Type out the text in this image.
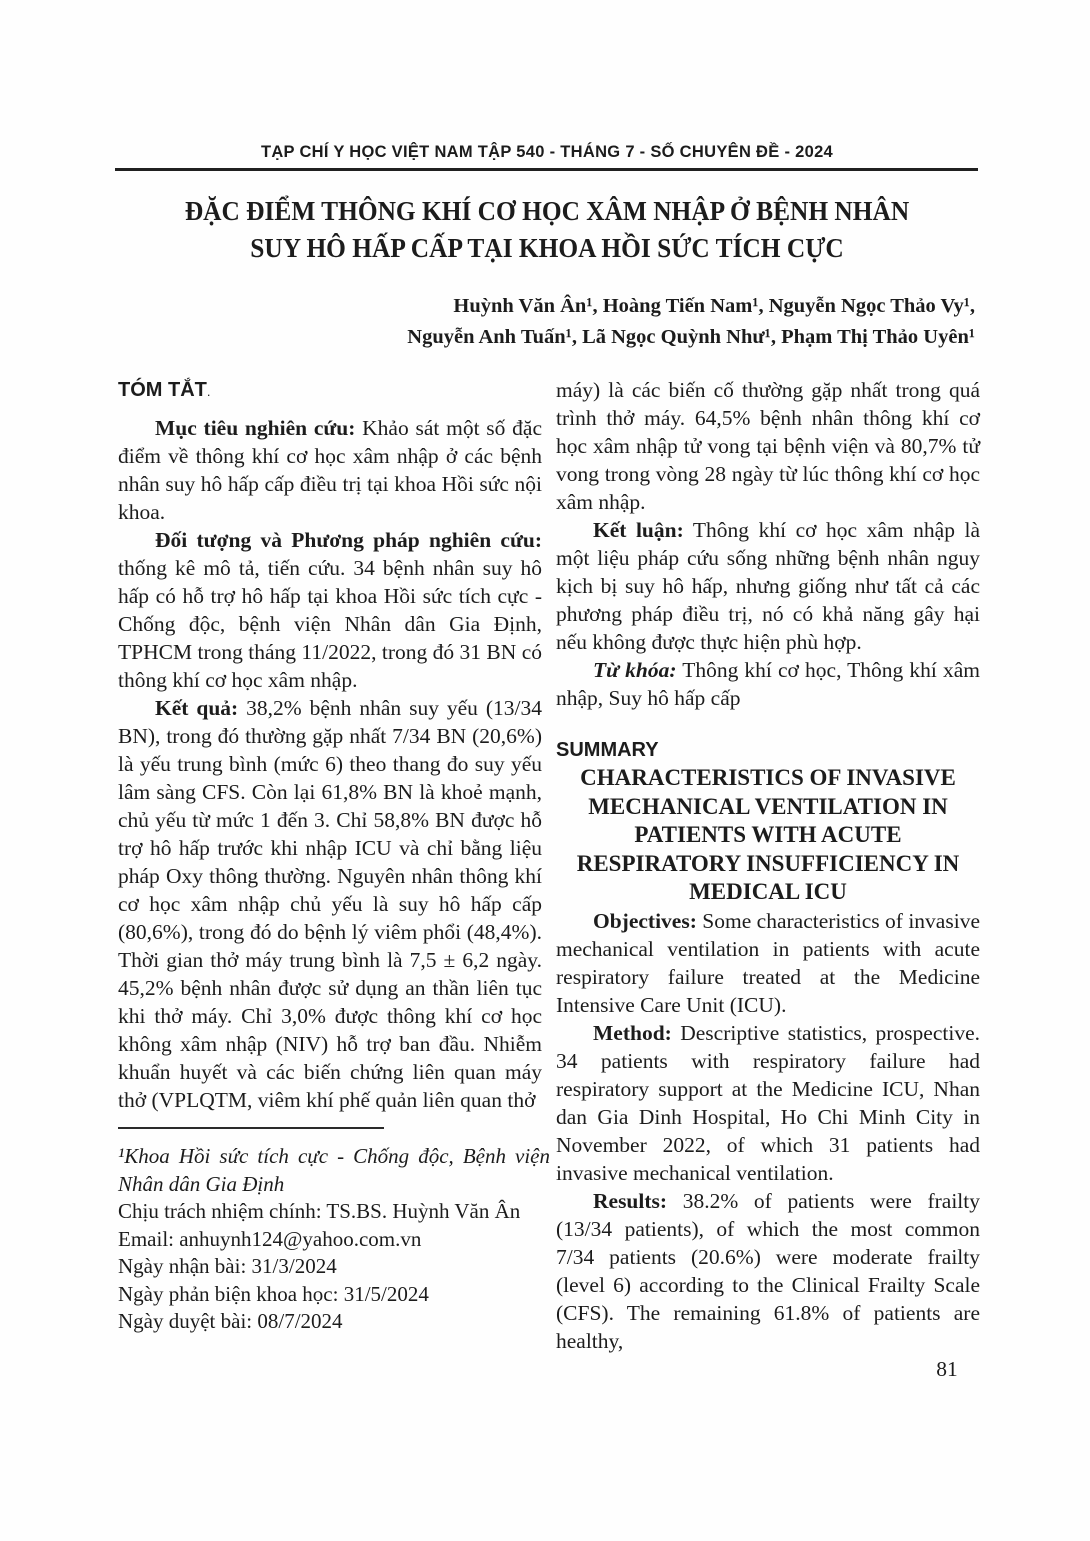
TẠP CHÍ Y HỌC VIỆT NAM TẬP 540 - THÁNG 7 - SỐ CHUYÊN ĐỀ - 2024
ĐẶC ĐIỂM THÔNG KHÍ CƠ HỌC XÂM NHẬP Ở BỆNH NHÂN
SUY HÔ HẤP CẤP TẠI KHOA HỒI SỨC TÍCH CỰC
Huỳnh Văn Ân¹, Hoàng Tiến Nam¹, Nguyễn Ngọc Thảo Vy¹,
Nguyễn Anh Tuấn¹, Lã Ngọc Quỳnh Như¹, Phạm Thị Thảo Uyên¹
TÓM TẮT.

Mục tiêu nghiên cứu: Khảo sát một số đặc điểm về thông khí cơ học xâm nhập ở các bệnh nhân suy hô hấp cấp điều trị tại khoa Hồi sức nội khoa.

Đối tượng và Phương pháp nghiên cứu: thống kê mô tả, tiến cứu. 34 bệnh nhân suy hô hấp có hỗ trợ hô hấp tại khoa Hồi sức tích cực - Chống độc, bệnh viện Nhân dân Gia Định, TPHCM trong tháng 11/2022, trong đó 31 BN có thông khí cơ học xâm nhập.

Kết quả: 38,2% bệnh nhân suy yếu (13/34 BN), trong đó thường gặp nhất 7/34 BN (20,6%) là yếu trung bình (mức 6) theo thang đo suy yếu lâm sàng CFS. Còn lại 61,8% BN là khoẻ mạnh, chủ yếu từ mức 1 đến 3. Chỉ 58,8% BN được hỗ trợ hô hấp trước khi nhập ICU và chỉ bằng liệu pháp Oxy thông thường. Nguyên nhân thông khí cơ học xâm nhập chủ yếu là suy hô hấp cấp (80,6%), trong đó do bệnh lý viêm phổi (48,4%). Thời gian thở máy trung bình là 7,5 ± 6,2 ngày. 45,2% bệnh nhân được sử dụng an thần liên tục khi thở máy. Chỉ 3,0% được thông khí cơ học không xâm nhập (NIV) hỗ trợ ban đầu. Nhiễm khuẩn huyết và các biến chứng liên quan máy thở (VPLQTM, viêm khí phế quản liên quan thở

máy) là các biến cố thường gặp nhất trong quá trình thở máy. 64,5% bệnh nhân thông khí cơ học xâm nhập tử vong tại bệnh viện và 80,7% tử vong trong vòng 28 ngày từ lúc thông khí cơ học xâm nhập.

Kết luận: Thông khí cơ học xâm nhập là một liệu pháp cứu sống những bệnh nhân nguy kịch bị suy hô hấp, nhưng giống như tất cả các phương pháp điều trị, nó có khả năng gây hại nếu không được thực hiện phù hợp.

Từ khóa: Thông khí cơ học, Thông khí xâm nhập, Suy hô hấp cấp

SUMMARY
CHARACTERISTICS OF INVASIVE
MECHANICAL VENTILATION IN
PATIENTS WITH ACUTE
RESPIRATORY INSUFFICIENCY IN
MEDICAL ICU

Objectives: Some characteristics of invasive mechanical ventilation in patients with acute respiratory failure treated at the Medicine Intensive Care Unit (ICU).

Method: Descriptive statistics, prospective. 34 patients with respiratory failure had respiratory support at the Medicine ICU, Nhan dan Gia Dinh Hospital, Ho Chi Minh City in November 2022, of which 31 patients had invasive mechanical ventilation.

Results: 38.2% of patients were frailty (13/34 patients), of which the most common 7/34 patients (20.6%) were moderate frailty (level 6) according to the Clinical Frailty Scale (CFS). The remaining 61.8% of patients are healthy,

¹Khoa Hồi sức tích cực - Chống độc, Bệnh viện Nhân dân Gia Định

Chịu trách nhiệm chính: TS.BS. Huỳnh Văn Ân

Email: anhuynh124@yahoo.com.vn

Ngày nhận bài: 31/3/2024

Ngày phản biện khoa học: 31/5/2024

Ngày duyệt bài: 08/7/2024

81
